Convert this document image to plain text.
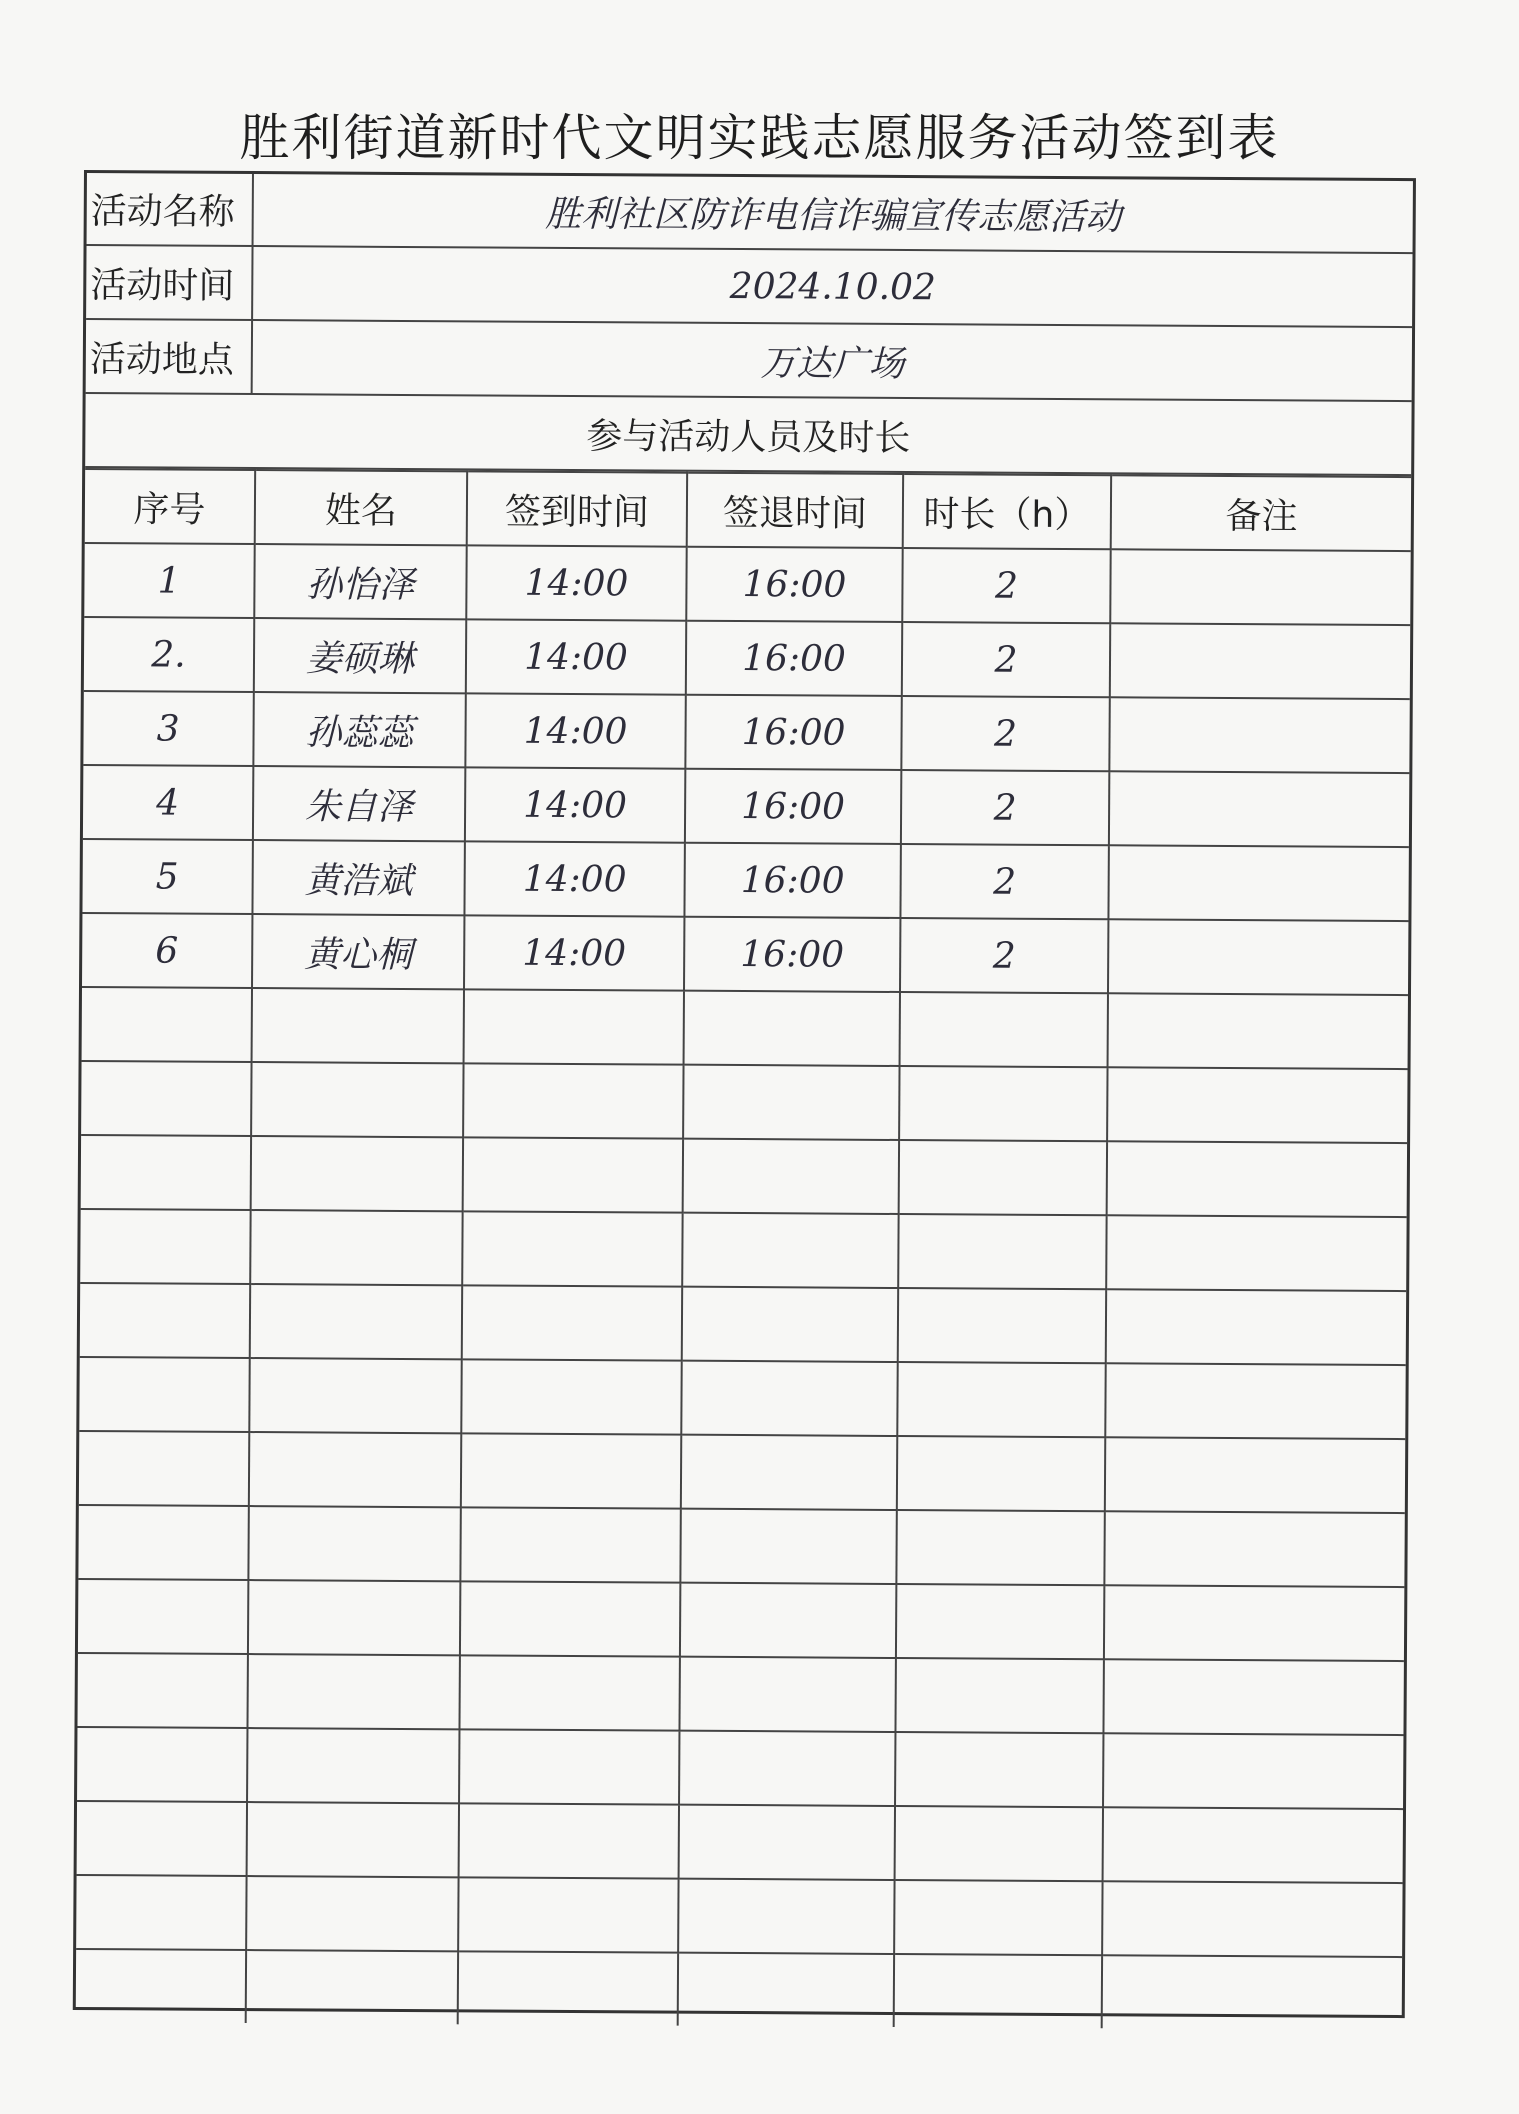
胜利街道新时代文明实践志愿服务活动签到表
活动名称	胜利社区防诈电信诈骗宣传志愿活动
活动时间	2024.10.02
活动地点	万达广场
参与活动人员及时长
序号	姓名	签到时间	签退时间	时长（h）	备注
1	孙怡泽	14:00	16:00	2	
2.	姜硕琳	14:00	16:00	2	
3	孙蕊蕊	14:00	16:00	2	
4	朱自泽	14:00	16:00	2	
5	黄浩斌	14:00	16:00	2	
6	黄心桐	14:00	16:00	2	
